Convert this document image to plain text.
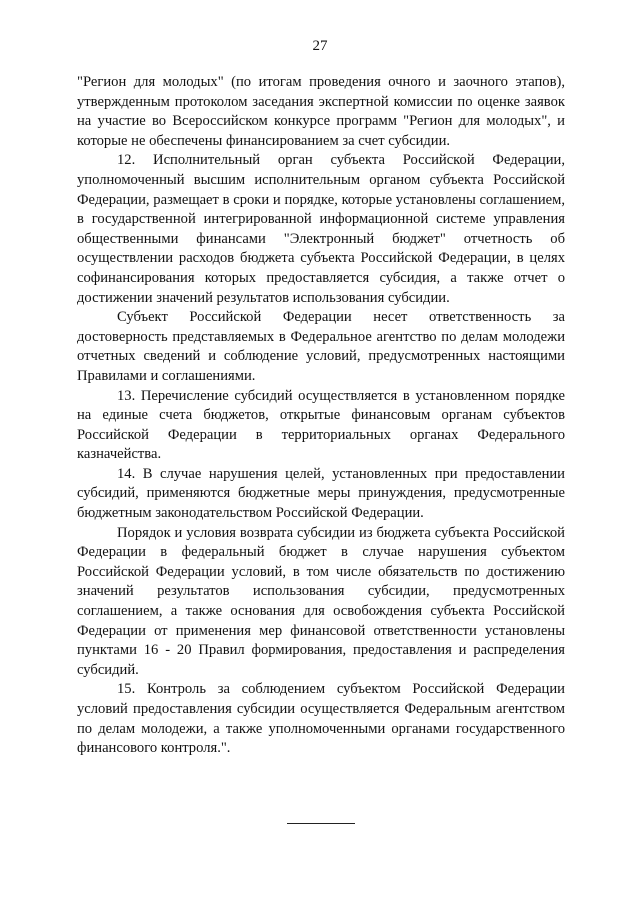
27

"Регион для молодых" (по итогам проведения очного и заочного этапов), утвержденным протоколом заседания экспертной комиссии по оценке заявок на участие во Всероссийском конкурсе программ "Регион для молодых", и которые не обеспечены финансированием за счет субсидии.

12. Исполнительный орган субъекта Российской Федерации, уполномоченный высшим исполнительным органом субъекта Российской Федерации, размещает в сроки и порядке, которые установлены соглашением, в государственной интегрированной информационной системе управления общественными финансами "Электронный бюджет" отчетность об осуществлении расходов бюджета субъекта Российской Федерации, в целях софинансирования которых предоставляется субсидия, а также отчет о достижении значений результатов использования субсидии.

Субъект Российской Федерации несет ответственность за достоверность представляемых в Федеральное агентство по делам молодежи отчетных сведений и соблюдение условий, предусмотренных настоящими Правилами и соглашениями.

13. Перечисление субсидий осуществляется в установленном порядке на единые счета бюджетов, открытые финансовым органам субъектов Российской Федерации в территориальных органах Федерального казначейства.

14. В случае нарушения целей, установленных при предоставлении субсидий, применяются бюджетные меры принуждения, предусмотренные бюджетным законодательством Российской Федерации.

Порядок и условия возврата субсидии из бюджета субъекта Российской Федерации в федеральный бюджет в случае нарушения субъектом Российской Федерации условий, в том числе обязательств по достижению значений результатов использования субсидии, предусмотренных соглашением, а также основания для освобождения субъекта Российской Федерации от применения мер финансовой ответственности установлены пунктами 16 - 20 Правил формирования, предоставления и распределения субсидий.

15. Контроль за соблюдением субъектом Российской Федерации условий предоставления субсидии осуществляется Федеральным агентством по делам молодежи, а также уполномоченными органами государственного финансового контроля.".
